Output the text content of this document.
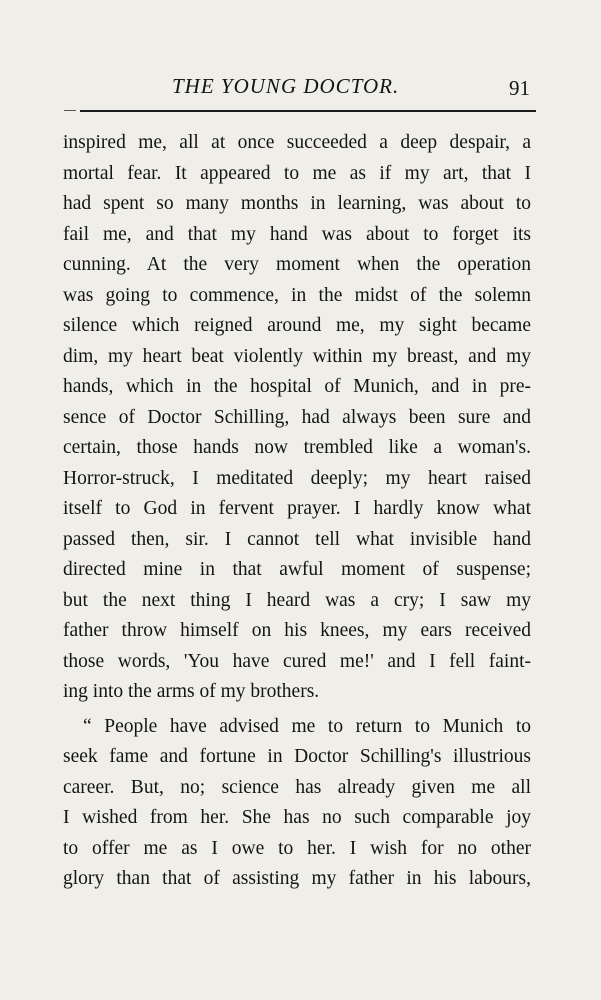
THE YOUNG DOCTOR.	91
inspired me, all at once succeeded a deep despair, a
mortal fear. It appeared to me as if my art, that I
had spent so many months in learning, was about to
fail me, and that my hand was about to forget its
cunning. At the very moment when the operation
was going to commence, in the midst of the solemn
silence which reigned around me, my sight became
dim, my heart beat violently within my breast, and my
hands, which in the hospital of Munich, and in pre-
sence of Doctor Schilling, had always been sure and
certain, those hands now trembled like a woman's.
Horror-struck, I meditated deeply; my heart raised
itself to God in fervent prayer. I hardly know what
passed then, sir. I cannot tell what invisible hand
directed mine in that awful moment of suspense;
but the next thing I heard was a cry; I saw my
father throw himself on his knees, my ears received
those words, 'You have cured me!' and I fell faint-
ing into the arms of my brothers.
“ People have advised me to return to Munich to
seek fame and fortune in Doctor Schilling's illustrious
career. But, no; science has already given me all
I wished from her. She has no such comparable joy
to offer me as I owe to her. I wish for no other
glory than that of assisting my father in his labours,
